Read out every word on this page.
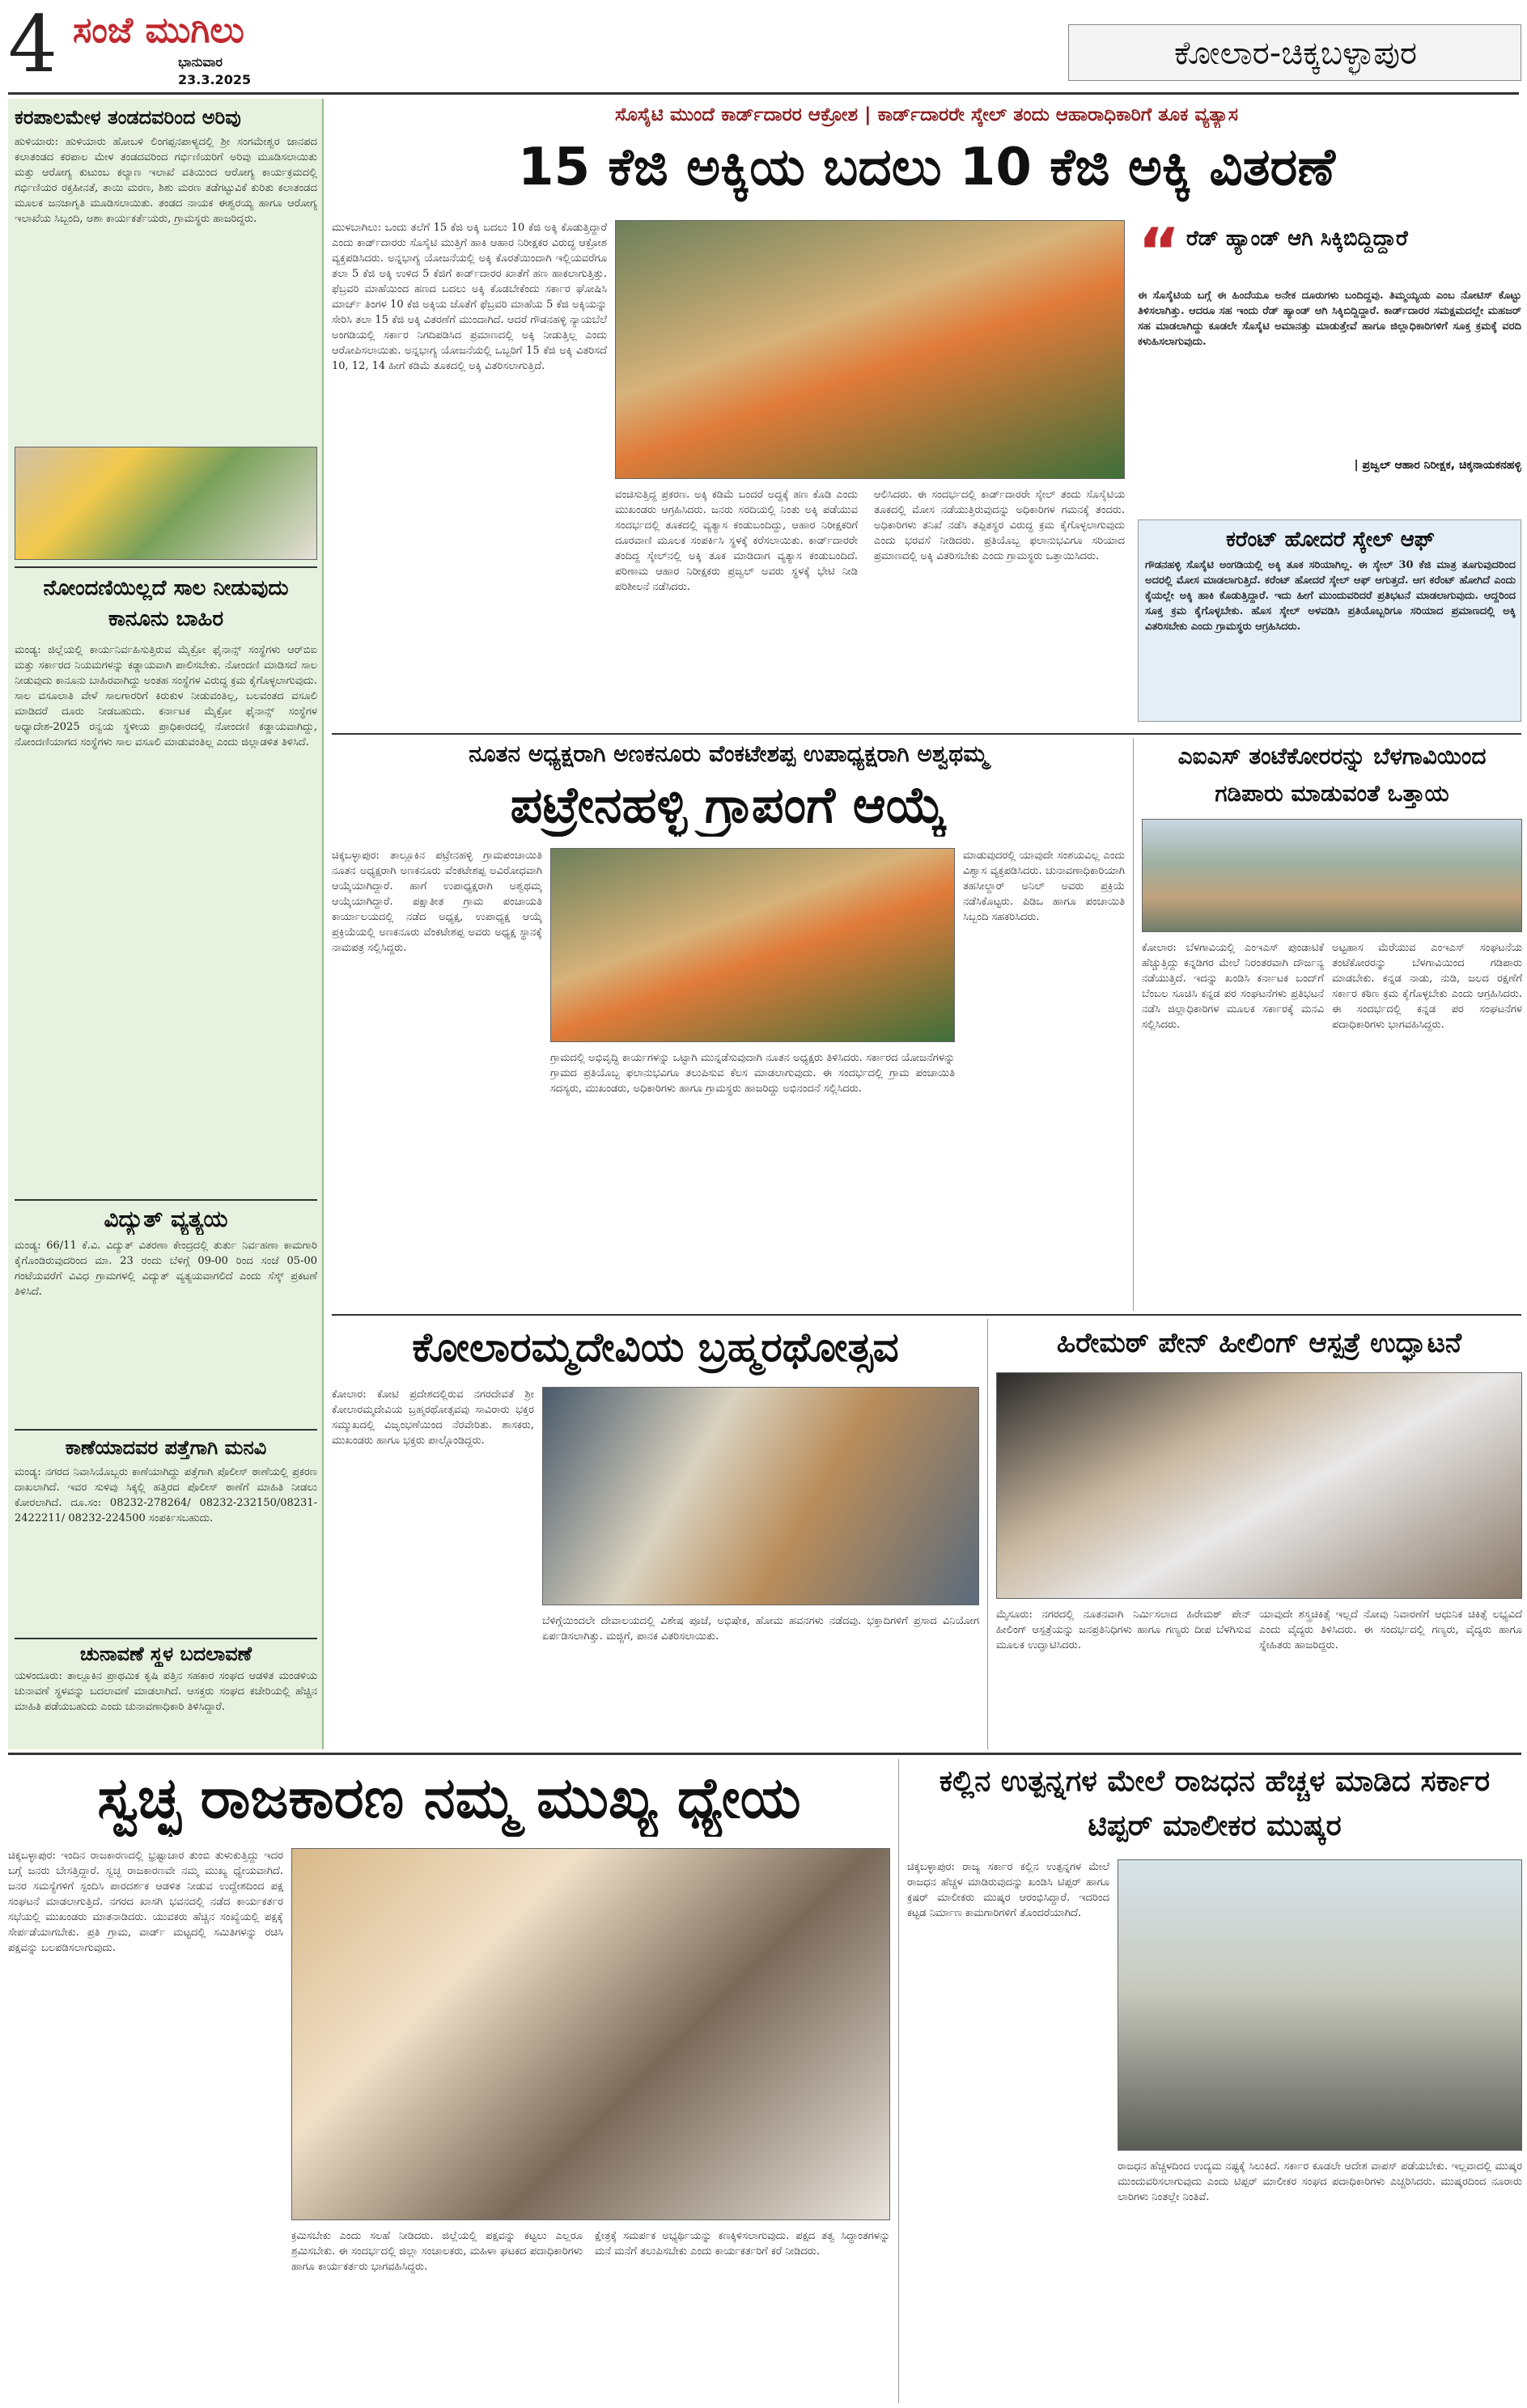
4 ಸಂಜೆ ಮುಗಿಲು
ಭಾನುವಾರ
23.3.2025
ಕೋಲಾರ-ಚಿಕ್ಕಬಳ್ಳಾಪುರ
ಕರಪಾಲಮೇಳ ತಂಡದವರಿಂದ ಅರಿವು
ಹುಳಿಯಾರು: ಹುಳಿಯಾರು ಹೋಬಳಿ ಲಿಂಗಪ್ಪನಪಾಳ್ಯದಲ್ಲಿ ಶ್ರೀ ಸಂಗಮೇಶ್ವರ ಜಾನಪದ ಕಲಾತಂಡದ ಕರಪಾಲ ಮೇಳ ತಂಡದವರಿಂದ ಗರ್ಭಿಣಿಯರಿಗೆ ಅರಿವು ಮೂಡಿಸಲಾಯಿತು ಮತ್ತು ಆರೋಗ್ಯ ಕುಟುಂಬ ಕಲ್ಯಾಣ ಇಲಾಖೆ ವತಿಯಿಂದ ಆರೋಗ್ಯ ಕಾರ್ಯಕ್ರಮದಲ್ಲಿ ಗರ್ಭಿಣಿಯರ ರಕ್ತಹೀನತೆ, ತಾಯಿ ಮರಣ, ಶಿಶು ಮರಣ ತಡೆಗಟ್ಟುವಿಕೆ ಕುರಿತು ಕಲಾತಂಡದ ಮೂಲಕ ಜನಜಾಗೃತಿ ಮೂಡಿಸಲಾಯಿತು. ತಂಡದ ನಾಯಕ ಈಶ್ವರಯ್ಯ ಹಾಗೂ ಆರೋಗ್ಯ ಇಲಾಖೆಯ ಸಿಬ್ಬಂದಿ, ಆಶಾ ಕಾರ್ಯಕರ್ತೆಯರು, ಗ್ರಾಮಸ್ಥರು ಹಾಜರಿದ್ದರು.
ನೋಂದಣಿಯಿಲ್ಲದೆ ಸಾಲ ನೀಡುವುದು ಕಾನೂನು ಬಾಹಿರ
ಮಂಡ್ಯ: ಜಿಲ್ಲೆಯಲ್ಲಿ ಕಾರ್ಯನಿರ್ವಹಿಸುತ್ತಿರುವ ಮೈಕ್ರೋ ಫೈನಾನ್ಸ್ ಸಂಸ್ಥೆಗಳು ಆರ್‌ಬಿಐ ಮತ್ತು ಸರ್ಕಾರದ ನಿಯಮಗಳನ್ನು ಕಡ್ಡಾಯವಾಗಿ ಪಾಲಿಸಬೇಕು. ನೋಂದಣಿ ಮಾಡಿಸದೆ ಸಾಲ ನೀಡುವುದು ಕಾನೂನು ಬಾಹಿರವಾಗಿದ್ದು ಅಂತಹ ಸಂಸ್ಥೆಗಳ ವಿರುದ್ಧ ಕ್ರಮ ಕೈಗೊಳ್ಳಲಾಗುವುದು. ಸಾಲ ವಸೂಲಾತಿ ವೇಳೆ ಸಾಲಗಾರರಿಗೆ ಕಿರುಕುಳ ನೀಡುವಂತಿಲ್ಲ, ಬಲವಂತದ ವಸೂಲಿ ಮಾಡಿದರೆ ದೂರು ನೀಡಬಹುದು. ಕರ್ನಾಟಕ ಮೈಕ್ರೋ ಫೈನಾನ್ಸ್ ಸಂಸ್ಥೆಗಳ ಅಧ್ಯಾದೇಶ-2025 ರನ್ವಯ ಸ್ಥಳೀಯ ಪ್ರಾಧಿಕಾರದಲ್ಲಿ ನೋಂದಣಿ ಕಡ್ಡಾಯವಾಗಿದ್ದು, ನೋಂದಣಿಯಾಗದ ಸಂಸ್ಥೆಗಳು ಸಾಲ ವಸೂಲಿ ಮಾಡುವಂತಿಲ್ಲ ಎಂದು ಜಿಲ್ಲಾಡಳಿತ ತಿಳಿಸಿದೆ.
ವಿದ್ಯುತ್ ವ್ಯತ್ಯಯ
ಮಂಡ್ಯ: 66/11 ಕೆ.ವಿ. ವಿದ್ಯುತ್ ವಿತರಣಾ ಕೇಂದ್ರದಲ್ಲಿ ತುರ್ತು ನಿರ್ವಹಣಾ ಕಾಮಗಾರಿ ಕೈಗೊಂಡಿರುವುದರಿಂದ ಮಾ. 23 ರಂದು ಬೆಳಿಗ್ಗೆ 09-00 ರಿಂದ ಸಂಜೆ 05-00 ಗಂಟೆಯವರೆಗೆ ವಿವಿಧ ಗ್ರಾಮಗಳಲ್ಲಿ ವಿದ್ಯುತ್ ವ್ಯತ್ಯಯವಾಗಲಿದೆ ಎಂದು ಸೆಸ್ಕ್ ಪ್ರಕಟಣೆ ತಿಳಿಸಿದೆ.
ಕಾಣೆಯಾದವರ ಪತ್ತೆಗಾಗಿ ಮನವಿ
ಮಂಡ್ಯ: ನಗರದ ನಿವಾಸಿಯೊಬ್ಬರು ಕಾಣೆಯಾಗಿದ್ದು ಪತ್ತೆಗಾಗಿ ಪೊಲೀಸ್ ಠಾಣೆಯಲ್ಲಿ ಪ್ರಕರಣ ದಾಖಲಾಗಿದೆ. ಇವರ ಸುಳಿವು ಸಿಕ್ಕಲ್ಲಿ ಹತ್ತಿರದ ಪೊಲೀಸ್ ಠಾಣೆಗೆ ಮಾಹಿತಿ ನೀಡಲು ಕೋರಲಾಗಿದೆ. ದೂ.ಸಂ: 08232-278264/ 08232-232150/08231-2422211/ 08232-224500 ಸಂಪರ್ಕಿಸಬಹುದು.
ಚುನಾವಣೆ ಸ್ಥಳ ಬದಲಾವಣೆ
ಯಳಂದೂರು: ತಾಲ್ಲೂಕಿನ ಪ್ರಾಥಮಿಕ ಕೃಷಿ ಪತ್ತಿನ ಸಹಕಾರ ಸಂಘದ ಆಡಳಿತ ಮಂಡಳಿಯ ಚುನಾವಣೆ ಸ್ಥಳವನ್ನು ಬದಲಾವಣೆ ಮಾಡಲಾಗಿದೆ. ಆಸಕ್ತರು ಸಂಘದ ಕಚೇರಿಯಲ್ಲಿ ಹೆಚ್ಚಿನ ಮಾಹಿತಿ ಪಡೆಯಬಹುದು ಎಂದು ಚುನಾವಣಾಧಿಕಾರಿ ತಿಳಿಸಿದ್ದಾರೆ.
ಸೊಸೈಟಿ ಮುಂದೆ ಕಾರ್ಡ್‌ದಾರರ ಆಕ್ರೋಶ | ಕಾರ್ಡ್‌ದಾರರೇ ಸ್ಕೇಲ್ ತಂದು ಆಹಾರಾಧಿಕಾರಿಗೆ ತೂಕ ವ್ಯತ್ಯಾಸ
15 ಕೆಜಿ ಅಕ್ಕಿಯ ಬದಲು 10 ಕೆಜಿ ಅಕ್ಕಿ ವಿತರಣೆ
ಮುಳಬಾಗಿಲು: ಒಂದು ತಲೆಗೆ 15 ಕೆಜಿ ಅಕ್ಕಿ ಬದಲು 10 ಕೆಜಿ ಅಕ್ಕಿ ಕೊಡುತ್ತಿದ್ದಾರೆ ಎಂದು ಕಾರ್ಡ್‌ದಾರರು ಸೊಸೈಟಿ ಮುತ್ತಿಗೆ ಹಾಕಿ ಆಹಾರ ನಿರೀಕ್ಷಕರ ವಿರುದ್ಧ ಆಕ್ರೋಶ ವ್ಯಕ್ತಪಡಿಸಿದರು. ಅನ್ನಭಾಗ್ಯ ಯೋಜನೆಯಲ್ಲಿ ಅಕ್ಕಿ ಕೊರತೆಯಿಂದಾಗಿ ಇಲ್ಲಿಯವರೆಗೂ ತಲಾ 5 ಕೆಜಿ ಅಕ್ಕಿ ಉಳಿದ 5 ಕೆಜಿಗೆ ಕಾರ್ಡ್‌ದಾರರ ಖಾತೆಗೆ ಹಣ ಹಾಕಲಾಗುತ್ತಿತ್ತು. ಫೆಬ್ರವರಿ ಮಾಹೆಯಿಂದ ಹಣದ ಬದಲು ಅಕ್ಕಿ ಕೊಡಬೇಕೆಂದು ಸರ್ಕಾರ ಘೋಷಿಸಿ ಮಾರ್ಚ್ ತಿಂಗಳ 10 ಕೆಜಿ ಅಕ್ಕಿಯ ಜೊತೆಗೆ ಫೆಬ್ರವರಿ ಮಾಹೆಯ 5 ಕೆಜಿ ಅಕ್ಕಿಯನ್ನು ಸೇರಿಸಿ ತಲಾ 15 ಕೆಜಿ ಅಕ್ಕಿ ವಿತರಣೆಗೆ ಮುಂದಾಗಿದೆ. ಆದರೆ ಗೌಡನಹಳ್ಳಿ ನ್ಯಾಯಬೆಲೆ ಅಂಗಡಿಯಲ್ಲಿ ಸರ್ಕಾರ ನಿಗದಿಪಡಿಸಿದ ಪ್ರಮಾಣದಲ್ಲಿ ಅಕ್ಕಿ ನೀಡುತ್ತಿಲ್ಲ ಎಂದು ಆರೋಪಿಸಲಾಯಿತು. ಅನ್ನಭಾಗ್ಯ ಯೋಜನೆಯಲ್ಲಿ ಒಬ್ಬರಿಗೆ 15 ಕೆಜಿ ಅಕ್ಕಿ ವಿತರಿಸದೆ 10, 12, 14 ಹೀಗೆ ಕಡಿಮೆ ತೂಕದಲ್ಲಿ ಅಕ್ಕಿ ವಿತರಿಸಲಾಗುತ್ತಿದೆ.
ವಂಚಿಸುತ್ತಿದ್ದ ಪ್ರಕರಣ. ಅಕ್ಕಿ ಕಡಿಮೆ ಬಂದರೆ ಅದ್ದಕ್ಕೆ ಹಣ ಕೊಡಿ ಎಂದು ಮುಖಂಡರು ಆಗ್ರಹಿಸಿದರು. ಜನರು ಸರದಿಯಲ್ಲಿ ನಿಂತು ಅಕ್ಕಿ ಪಡೆಯುವ ಸಂದರ್ಭದಲ್ಲಿ ತೂಕದಲ್ಲಿ ವ್ಯತ್ಯಾಸ ಕಂಡುಬಂದಿದ್ದು, ಆಹಾರ ನಿರೀಕ್ಷಕರಿಗೆ ದೂರವಾಣಿ ಮೂಲಕ ಸಂಪರ್ಕಿಸಿ ಸ್ಥಳಕ್ಕೆ ಕರೆಸಲಾಯಿತು. ಕಾರ್ಡ್‌ದಾರರೇ ತಂದಿದ್ದ ಸ್ಕೇಲ್‌ನಲ್ಲಿ ಅಕ್ಕಿ ತೂಕ ಮಾಡಿದಾಗ ವ್ಯತ್ಯಾಸ ಕಂಡುಬಂದಿದೆ. ಪರಿಣಾಮ ಆಹಾರ ನಿರೀಕ್ಷಕರು ಪ್ರಜ್ವಲ್ ಅವರು ಸ್ಥಳಕ್ಕೆ ಭೇಟಿ ನೀಡಿ ಪರಿಶೀಲನೆ ನಡೆಸಿದರು.
ಆಲಿಸಿದರು. ಈ ಸಂದರ್ಭದಲ್ಲಿ ಕಾರ್ಡ್‌ದಾರರೇ ಸ್ಕೇಲ್ ತಂದು ಸೊಸೈಟಿಯ ತೂಕದಲ್ಲಿ ಮೋಸ ನಡೆಯುತ್ತಿರುವುದನ್ನು ಅಧಿಕಾರಿಗಳ ಗಮನಕ್ಕೆ ತಂದರು. ಅಧಿಕಾರಿಗಳು ತನಿಖೆ ನಡೆಸಿ ತಪ್ಪಿತಸ್ಥರ ವಿರುದ್ಧ ಕ್ರಮ ಕೈಗೊಳ್ಳಲಾಗುವುದು ಎಂದು ಭರವಸೆ ನೀಡಿದರು. ಪ್ರತಿಯೊಬ್ಬ ಫಲಾನುಭವಿಗೂ ಸರಿಯಾದ ಪ್ರಮಾಣದಲ್ಲಿ ಅಕ್ಕಿ ವಿತರಿಸಬೇಕು ಎಂದು ಗ್ರಾಮಸ್ಥರು ಒತ್ತಾಯಿಸಿದರು.
“ ರೆಡ್ ಹ್ಯಾಂಡ್ ಆಗಿ ಸಿಕ್ಕಿಬಿದ್ದಿದ್ದಾರೆ
ಈ ಸೊಸೈಟಿಯ ಬಗ್ಗೆ ಈ ಹಿಂದೆಯೂ ಅನೇಕ ದೂರುಗಳು ಬಂದಿದ್ದವು. ತಿಮ್ಮಯ್ಯಯ ಎಂಬ ನೋಟಿಸ್ ಕೊಟ್ಟು ತಿಳಿಸಲಾಗಿತ್ತು. ಆದರೂ ಸಹ ಇಂದು ರೆಡ್ ಹ್ಯಾಂಡ್ ಆಗಿ ಸಿಕ್ಕಿಬಿದ್ದಿದ್ದಾರೆ. ಕಾರ್ಡ್‌ದಾರರ ಸಮಕ್ಷಮದಲ್ಲೇ ಮಹಜರ್ ಸಹ ಮಾಡಲಾಗಿದ್ದು ಕೂಡಲೇ ಸೊಸೈಟಿ ಅಮಾನತ್ತು ಮಾಡುತ್ತೇವೆ ಹಾಗೂ ಜಿಲ್ಲಾಧಿಕಾರಿಗಳಿಗೆ ಸೂಕ್ತ ಕ್ರಮಕ್ಕೆ ವರದಿ ಕಳುಹಿಸಲಾಗುವುದು.
| ಪ್ರಜ್ವಲ್ ಆಹಾರ ನಿರೀಕ್ಷಕ, ಚಿಕ್ಕನಾಯಕನಹಳ್ಳಿ
ಕರೆಂಟ್ ಹೋದರೆ ಸ್ಕೇಲ್ ಆಫ್
ಗೌಡನಹಳ್ಳಿ ಸೊಸೈಟಿ ಅಂಗಡಿಯಲ್ಲಿ ಅಕ್ಕಿ ತೂಕ ಸರಿಯಾಗಿಲ್ಲ. ಈ ಸ್ಕೇಲ್ 30 ಕೆಜಿ ಮಾತ್ರ ತೂಗುವುದರಿಂದ ಅದರಲ್ಲಿ ಮೋಸ ಮಾಡಲಾಗುತ್ತಿದೆ. ಕರೆಂಟ್ ಹೋದರೆ ಸ್ಕೇಲ್ ಆಫ್ ಆಗುತ್ತದೆ. ಆಗ ಕರೆಂಟ್ ಹೋಗಿದೆ ಎಂದು ಕೈಯಲ್ಲೇ ಅಕ್ಕಿ ಹಾಕಿ ಕೊಡುತ್ತಿದ್ದಾರೆ. ಇದು ಹೀಗೆ ಮುಂದುವರಿದರೆ ಪ್ರತಿಭಟನೆ ಮಾಡಲಾಗುವುದು. ಆದ್ದರಿಂದ ಸೂಕ್ತ ಕ್ರಮ ಕೈಗೊಳ್ಳಬೇಕು. ಹೊಸ ಸ್ಕೇಲ್ ಅಳವಡಿಸಿ ಪ್ರತಿಯೊಬ್ಬರಿಗೂ ಸರಿಯಾದ ಪ್ರಮಾಣದಲ್ಲಿ ಅಕ್ಕಿ ವಿತರಿಸಬೇಕು ಎಂದು ಗ್ರಾಮಸ್ಥರು ಆಗ್ರಹಿಸಿದರು.
ನೂತನ ಅಧ್ಯಕ್ಷರಾಗಿ ಅಣಕನೂರು ವೆಂಕಟೇಶಪ್ಪ ಉಪಾಧ್ಯಕ್ಷರಾಗಿ ಅಶ್ವಥಮ್ಮ
ಪಟ್ರೇನಹಳ್ಳಿ ಗ್ರಾಪಂಗೆ ಆಯ್ಕೆ
ಚಿಕ್ಕಬಳ್ಳಾಪುರ: ತಾಲ್ಲೂಕಿನ ಪಟ್ರೇನಹಳ್ಳಿ ಗ್ರಾಮಪಂಚಾಯಿತಿ ನೂತನ ಅಧ್ಯಕ್ಷರಾಗಿ ಅಣಕನೂರು ವೆಂಕಟೇಶಪ್ಪ ಅವಿರೋಧವಾಗಿ ಆಯ್ಕೆಯಾಗಿದ್ದಾರೆ. ಹಾಗೆ ಉಪಾಧ್ಯಕ್ಷರಾಗಿ ಅಶ್ವಥಮ್ಮ ಆಯ್ಕೆಯಾಗಿದ್ದಾರೆ. ಪಕ್ಷಾತೀತ ಗ್ರಾಮ ಪಂಚಾಯತಿ ಕಾರ್ಯಾಲಯದಲ್ಲಿ ನಡೆದ ಅಧ್ಯಕ್ಷ, ಉಪಾಧ್ಯಕ್ಷ ಆಯ್ಕೆ ಪ್ರಕ್ರಿಯೆಯಲ್ಲಿ ಅಣಕನೂರು ವೆಂಕಟೇಶಪ್ಪ ಅವರು ಅಧ್ಯಕ್ಷ ಸ್ಥಾನಕ್ಕೆ ನಾಮಪತ್ರ ಸಲ್ಲಿಸಿದ್ದರು.
ಗ್ರಾಮದಲ್ಲಿ ಅಭಿವೃದ್ಧಿ ಕಾರ್ಯಗಳನ್ನು ಒಟ್ಟಾಗಿ ಮುನ್ನಡೆಸುವುದಾಗಿ ನೂತನ ಅಧ್ಯಕ್ಷರು ತಿಳಿಸಿದರು. ಸರ್ಕಾರದ ಯೋಜನೆಗಳನ್ನು ಗ್ರಾಮದ ಪ್ರತಿಯೊಬ್ಬ ಫಲಾನುಭವಿಗೂ ತಲುಪಿಸುವ ಕೆಲಸ ಮಾಡಲಾಗುವುದು. ಈ ಸಂದರ್ಭದಲ್ಲಿ ಗ್ರಾಮ ಪಂಚಾಯಿತಿ ಸದಸ್ಯರು, ಮುಖಂಡರು, ಅಧಿಕಾರಿಗಳು ಹಾಗೂ ಗ್ರಾಮಸ್ಥರು ಹಾಜರಿದ್ದು ಅಭಿನಂದನೆ ಸಲ್ಲಿಸಿದರು.
ಮಾಡುವುದರಲ್ಲಿ ಯಾವುದೇ ಸಂಶಯವಿಲ್ಲ ಎಂದು ವಿಶ್ವಾಸ ವ್ಯಕ್ತಪಡಿಸಿದರು. ಚುನಾವಣಾಧಿಕಾರಿಯಾಗಿ ತಹಸೀಲ್ದಾರ್ ಅನಿಲ್ ಅವರು ಪ್ರಕ್ರಿಯೆ ನಡೆಸಿಕೊಟ್ಟರು. ಪಿಡಿಒ ಹಾಗೂ ಪಂಚಾಯಿತಿ ಸಿಬ್ಬಂದಿ ಸಹಕರಿಸಿದರು.
ಎಐಎಸ್ ತಂಟೆಕೋರರನ್ನು ಬೆಳಗಾವಿಯಿಂದ ಗಡಿಪಾರು ಮಾಡುವಂತೆ ಒತ್ತಾಯ
ಕೋಲಾರ: ಬೆಳಗಾವಿಯಲ್ಲಿ ಎಂಇಎಸ್ ಪುಂಡಾಟಿಕೆ ಹೆಚ್ಚುತ್ತಿದ್ದು ಕನ್ನಡಿಗರ ಮೇಲೆ ನಿರಂತರವಾಗಿ ದೌರ್ಜನ್ಯ ನಡೆಯುತ್ತಿದೆ. ಇದನ್ನು ಖಂಡಿಸಿ ಕರ್ನಾಟಕ ಬಂದ್‌ಗೆ ಬೆಂಬಲ ಸೂಚಿಸಿ ಕನ್ನಡ ಪರ ಸಂಘಟನೆಗಳು ಪ್ರತಿಭಟನೆ ನಡೆಸಿ ಜಿಲ್ಲಾಧಿಕಾರಿಗಳ ಮೂಲಕ ಸರ್ಕಾರಕ್ಕೆ ಮನವಿ ಸಲ್ಲಿಸಿದರು.
ಅಟ್ಟಹಾಸ ಮೆರೆಯುವ ಎಂಇಎಸ್ ಸಂಘಟನೆಯ ತಂಟೆಕೋರರನ್ನು ಬೆಳಗಾವಿಯಿಂದ ಗಡಿಪಾರು ಮಾಡಬೇಕು. ಕನ್ನಡ ನಾಡು, ನುಡಿ, ಜಲದ ರಕ್ಷಣೆಗೆ ಸರ್ಕಾರ ಕಠಿಣ ಕ್ರಮ ಕೈಗೊಳ್ಳಬೇಕು ಎಂದು ಆಗ್ರಹಿಸಿದರು. ಈ ಸಂದರ್ಭದಲ್ಲಿ ಕನ್ನಡ ಪರ ಸಂಘಟನೆಗಳ ಪದಾಧಿಕಾರಿಗಳು ಭಾಗವಹಿಸಿದ್ದರು.
ಕೋಲಾರಮ್ಮದೇವಿಯ ಬ್ರಹ್ಮರಥೋತ್ಸವ
ಕೋಲಾರ: ಕೋಟಿ ಪ್ರದೇಶದಲ್ಲಿರುವ ನಗರದೇವತೆ ಶ್ರೀ ಕೋಲಾರಮ್ಮದೇವಿಯ ಬ್ರಹ್ಮರಥೋತ್ಸವವು ಸಾವಿರಾರು ಭಕ್ತರ ಸಮ್ಮುಖದಲ್ಲಿ ವಿಜೃಂಭಣೆಯಿಂದ ನೆರವೇರಿತು. ಶಾಸಕರು, ಮುಖಂಡರು ಹಾಗೂ ಭಕ್ತರು ಪಾಲ್ಗೊಂಡಿದ್ದರು.
ಬೆಳಿಗ್ಗೆಯಿಂದಲೇ ದೇವಾಲಯದಲ್ಲಿ ವಿಶೇಷ ಪೂಜೆ, ಅಭಿಷೇಕ, ಹೋಮ ಹವನಗಳು ನಡೆದವು. ಭಕ್ತಾದಿಗಳಿಗೆ ಪ್ರಸಾದ ವಿನಿಯೋಗ ಏರ್ಪಡಿಸಲಾಗಿತ್ತು. ಮಜ್ಜಿಗೆ, ಪಾನಕ ವಿತರಿಸಲಾಯಿತು.
ಹಿರೇಮಠ್ ಪೇನ್ ಹೀಲಿಂಗ್ ಆಸ್ಪತ್ರೆ ಉದ್ಘಾಟನೆ
ಮೈಸೂರು: ನಗರದಲ್ಲಿ ನೂತನವಾಗಿ ನಿರ್ಮಿಸಲಾದ ಹಿರೇಮಠ್ ಪೇನ್ ಹೀಲಿಂಗ್ ಆಸ್ಪತ್ರೆಯನ್ನು ಜನಪ್ರತಿನಿಧಿಗಳು ಹಾಗೂ ಗಣ್ಯರು ದೀಪ ಬೆಳಗಿಸುವ ಮೂಲಕ ಉದ್ಘಾಟಿಸಿದರು.
ಯಾವುದೇ ಶಸ್ತ್ರಚಿಕಿತ್ಸೆ ಇಲ್ಲದೆ ನೋವು ನಿವಾರಣೆಗೆ ಆಧುನಿಕ ಚಿಕಿತ್ಸೆ ಲಭ್ಯವಿದೆ ಎಂದು ವೈದ್ಯರು ತಿಳಿಸಿದರು. ಈ ಸಂದರ್ಭದಲ್ಲಿ ಗಣ್ಯರು, ವೈದ್ಯರು ಹಾಗೂ ಸ್ನೇಹಿತರು ಹಾಜರಿದ್ದರು.
ಸ್ವಚ್ಛ ರಾಜಕಾರಣ ನಮ್ಮ ಮುಖ್ಯ ಧ್ಯೇಯ
ಚಿಕ್ಕಬಳ್ಳಾಪುರ: ಇಂದಿನ ರಾಜಕಾರಣದಲ್ಲಿ ಭ್ರಷ್ಟಾಚಾರ ತುಂಬಿ ತುಳುಕುತ್ತಿದ್ದು ಇದರ ಬಗ್ಗೆ ಜನರು ಬೇಸತ್ತಿದ್ದಾರೆ. ಸ್ವಚ್ಛ ರಾಜಕಾರಣವೇ ನಮ್ಮ ಮುಖ್ಯ ಧ್ಯೇಯವಾಗಿದೆ. ಜನರ ಸಮಸ್ಯೆಗಳಿಗೆ ಸ್ಪಂದಿಸಿ ಪಾರದರ್ಶಕ ಆಡಳಿತ ನೀಡುವ ಉದ್ದೇಶದಿಂದ ಪಕ್ಷ ಸಂಘಟನೆ ಮಾಡಲಾಗುತ್ತಿದೆ. ನಗರದ ಖಾಸಗಿ ಭವನದಲ್ಲಿ ನಡೆದ ಕಾರ್ಯಕರ್ತರ ಸಭೆಯಲ್ಲಿ ಮುಖಂಡರು ಮಾತನಾಡಿದರು. ಯುವಕರು ಹೆಚ್ಚಿನ ಸಂಖ್ಯೆಯಲ್ಲಿ ಪಕ್ಷಕ್ಕೆ ಸೇರ್ಪಡೆಯಾಗಬೇಕು. ಪ್ರತಿ ಗ್ರಾಮ, ವಾರ್ಡ್ ಮಟ್ಟದಲ್ಲಿ ಸಮಿತಿಗಳನ್ನು ರಚಿಸಿ ಪಕ್ಷವನ್ನು ಬಲಪಡಿಸಲಾಗುವುದು.
ಕ್ರಮಿಸಬೇಕು ಎಂದು ಸಲಹೆ ನೀಡಿದರು. ಜಿಲ್ಲೆಯಲ್ಲಿ ಪಕ್ಷವನ್ನು ಕಟ್ಟಲು ಎಲ್ಲರೂ ಶ್ರಮಿಸಬೇಕು. ಈ ಸಂದರ್ಭದಲ್ಲಿ ಜಿಲ್ಲಾ ಸಂಚಾಲಕರು, ಮಹಿಳಾ ಘಟಕದ ಪದಾಧಿಕಾರಿಗಳು ಹಾಗೂ ಕಾರ್ಯಕರ್ತರು ಭಾಗವಹಿಸಿದ್ದರು.
ಕ್ಷೇತ್ರಕ್ಕೆ ಸಮರ್ಪಕ ಅಭ್ಯರ್ಥಿಯನ್ನು ಕಣಕ್ಕಿಳಿಸಲಾಗುವುದು. ಪಕ್ಷದ ತತ್ವ ಸಿದ್ಧಾಂತಗಳನ್ನು ಮನೆ ಮನೆಗೆ ತಲುಪಿಸಬೇಕು ಎಂದು ಕಾರ್ಯಕರ್ತರಿಗೆ ಕರೆ ನೀಡಿದರು.
ಕಲ್ಲಿನ ಉತ್ಪನ್ನಗಳ ಮೇಲೆ ರಾಜಧನ ಹೆಚ್ಚಳ ಮಾಡಿದ ಸರ್ಕಾರ ಟಿಪ್ಪರ್ ಮಾಲೀಕರ ಮುಷ್ಕರ
ಚಿಕ್ಕಬಳ್ಳಾಪುರ: ರಾಜ್ಯ ಸರ್ಕಾರ ಕಲ್ಲಿನ ಉತ್ಪನ್ನಗಳ ಮೇಲೆ ರಾಜಧನ ಹೆಚ್ಚಳ ಮಾಡಿರುವುದನ್ನು ಖಂಡಿಸಿ ಟಿಪ್ಪರ್ ಹಾಗೂ ಕ್ರಷರ್ ಮಾಲೀಕರು ಮುಷ್ಕರ ಆರಂಭಿಸಿದ್ದಾರೆ. ಇದರಿಂದ ಕಟ್ಟಡ ನಿರ್ಮಾಣ ಕಾಮಗಾರಿಗಳಿಗೆ ತೊಂದರೆಯಾಗಿದೆ.
ರಾಜಧನ ಹೆಚ್ಚಳದಿಂದ ಉದ್ಯಮ ನಷ್ಟಕ್ಕೆ ಸಿಲುಕಿದೆ. ಸರ್ಕಾರ ಕೂಡಲೇ ಆದೇಶ ವಾಪಸ್ ಪಡೆಯಬೇಕು. ಇಲ್ಲವಾದಲ್ಲಿ ಮುಷ್ಕರ ಮುಂದುವರಿಸಲಾಗುವುದು ಎಂದು ಟಿಪ್ಪರ್ ಮಾಲೀಕರ ಸಂಘದ ಪದಾಧಿಕಾರಿಗಳು ಎಚ್ಚರಿಸಿದರು. ಮುಷ್ಕರದಿಂದ ನೂರಾರು ಲಾರಿಗಳು ನಿಂತಲ್ಲೇ ನಿಂತಿವೆ.
